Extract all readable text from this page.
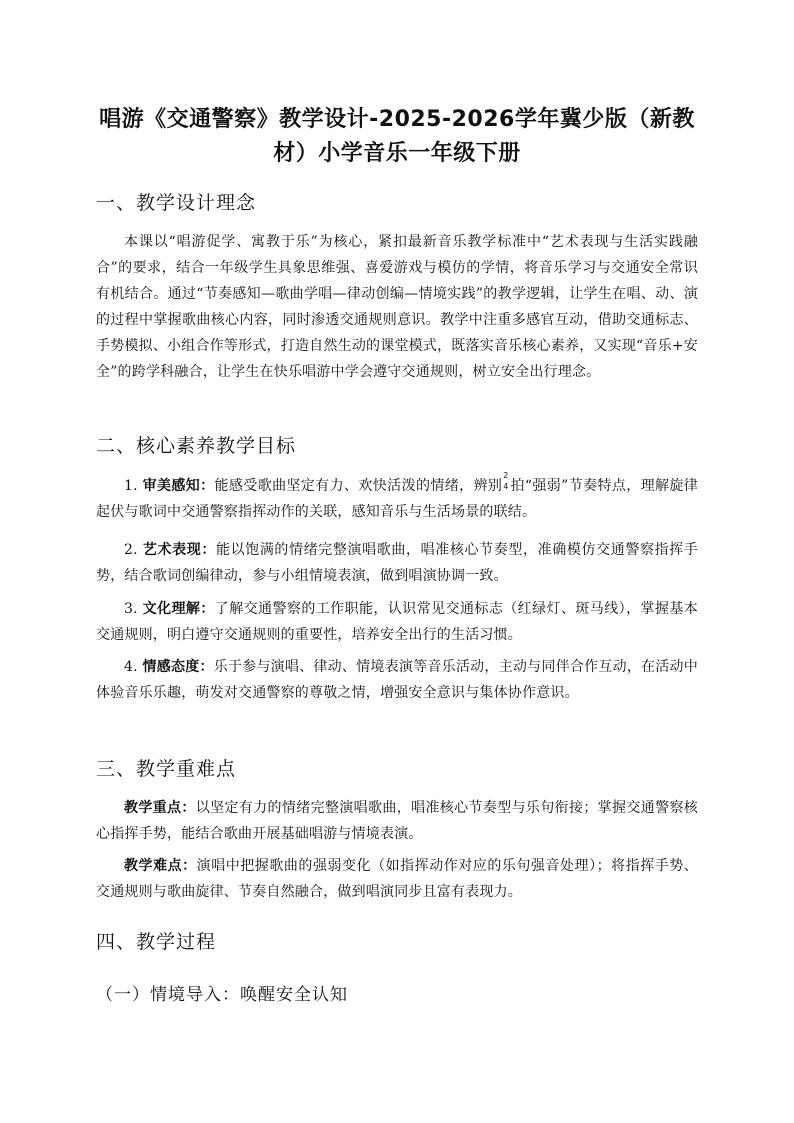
唱游《交通警察》教学设计-2025-2026学年冀少版（新教材）小学音乐一年级下册
一、教学设计理念

本课以“唱游促学、寓教于乐”为核心，紧扣最新音乐教学标准中“艺术表现与生活实践融合”的要求，结合一年级学生具象思维强、喜爱游戏与模仿的学情，将音乐学习与交通安全常识有机结合。通过“节奏感知—歌曲学唱—律动创编—情境实践”的教学逻辑，让学生在唱、动、演的过程中掌握歌曲核心内容，同时渗透交通规则意识。教学中注重多感官互动，借助交通标志、手势模拟、小组合作等形式，打造自然生动的课堂模式，既落实音乐核心素养，又实现“音乐+安全”的跨学科融合，让学生在快乐唱游中学会遵守交通规则，树立安全出行理念。

二、核心素养教学目标

1. 审美感知：能感受歌曲坚定有力、欢快活泼的情绪，辨别
2
4 拍“强弱”节奏特点，理解旋律起伏与歌词中交通警察指挥动作的关联，感知音乐与生活场景的联结。

2. 艺术表现：能以饱满的情绪完整演唱歌曲，唱准核心节奏型，准确模仿交通警察指挥手势，结合歌词创编律动，参与小组情境表演，做到唱演协调一致。

3. 文化理解：了解交通警察的工作职能，认识常见交通标志（红绿灯、斑马线），掌握基本交通规则，明白遵守交通规则的重要性，培养安全出行的生活习惯。

4. 情感态度：乐于参与演唱、律动、情境表演等音乐活动，主动与同伴合作互动，在活动中体验音乐乐趣，萌发对交通警察的尊敬之情，增强安全意识与集体协作意识。

三、教学重难点

教学重点：以坚定有力的情绪完整演唱歌曲，唱准核心节奏型与乐句衔接；掌握交通警察核心指挥手势，能结合歌曲开展基础唱游与情境表演。

教学难点：演唱中把握歌曲的强弱变化（如指挥动作对应的乐句强音处理）；将指挥手势、交通规则与歌曲旋律、节奏自然融合，做到唱演同步且富有表现力。

四、教学过程
（一）情境导入：唤醒安全认知
